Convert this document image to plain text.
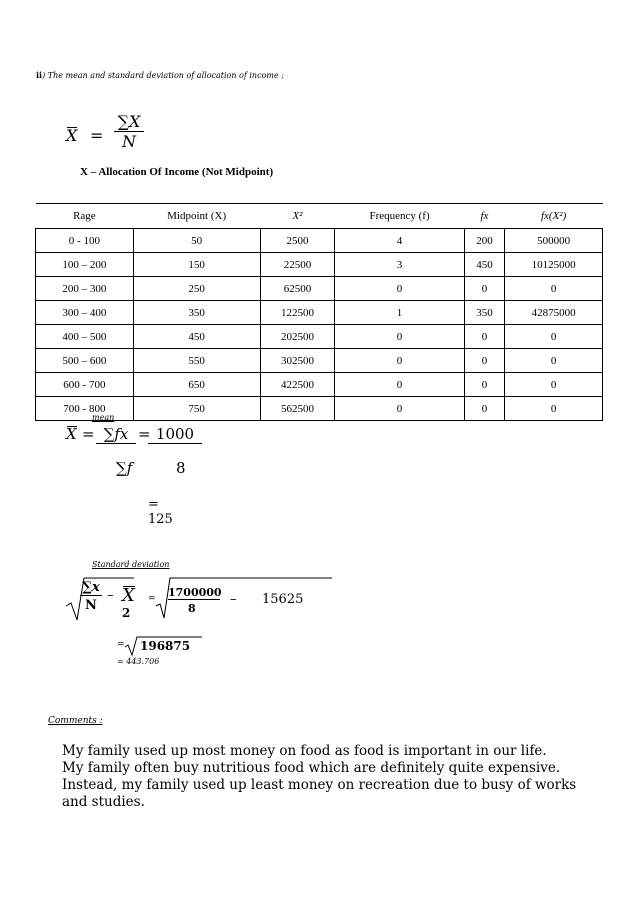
ii) The mean and standard deviation of allocation of income :
$X = \frac{\sum X}{N}$
X – Allocation Of Income (Not Midpoint)
Rage	Midpoint (X)	X²	Frequency (f)	fx	fx(X²)
0 - 100	50	2500	4	200	500000
100 – 200	150	22500	3	450	10125000
200 – 300	250	62500	0	0	0
300 – 400	350	122500	1	350	42875000
400 – 500	450	202500	0	0	0
500 – 600	550	302500	0	0	0
600 - 700	650	422500	0	0	0
700 - 800	750	562500	0	0	0
mean
X = ∑fx = 1000
∑f	8
= 125
Standard deviation
∑x
N
– $X^2$
= 1700000
8
– 15625
= 196875
= 443.706
Comments :
My family used up most money on food as food is important in our life.
My family often buy nutritious food which are definitely quite expensive.
Instead, my family used up least money on recreation due to busy of works
and studies.
